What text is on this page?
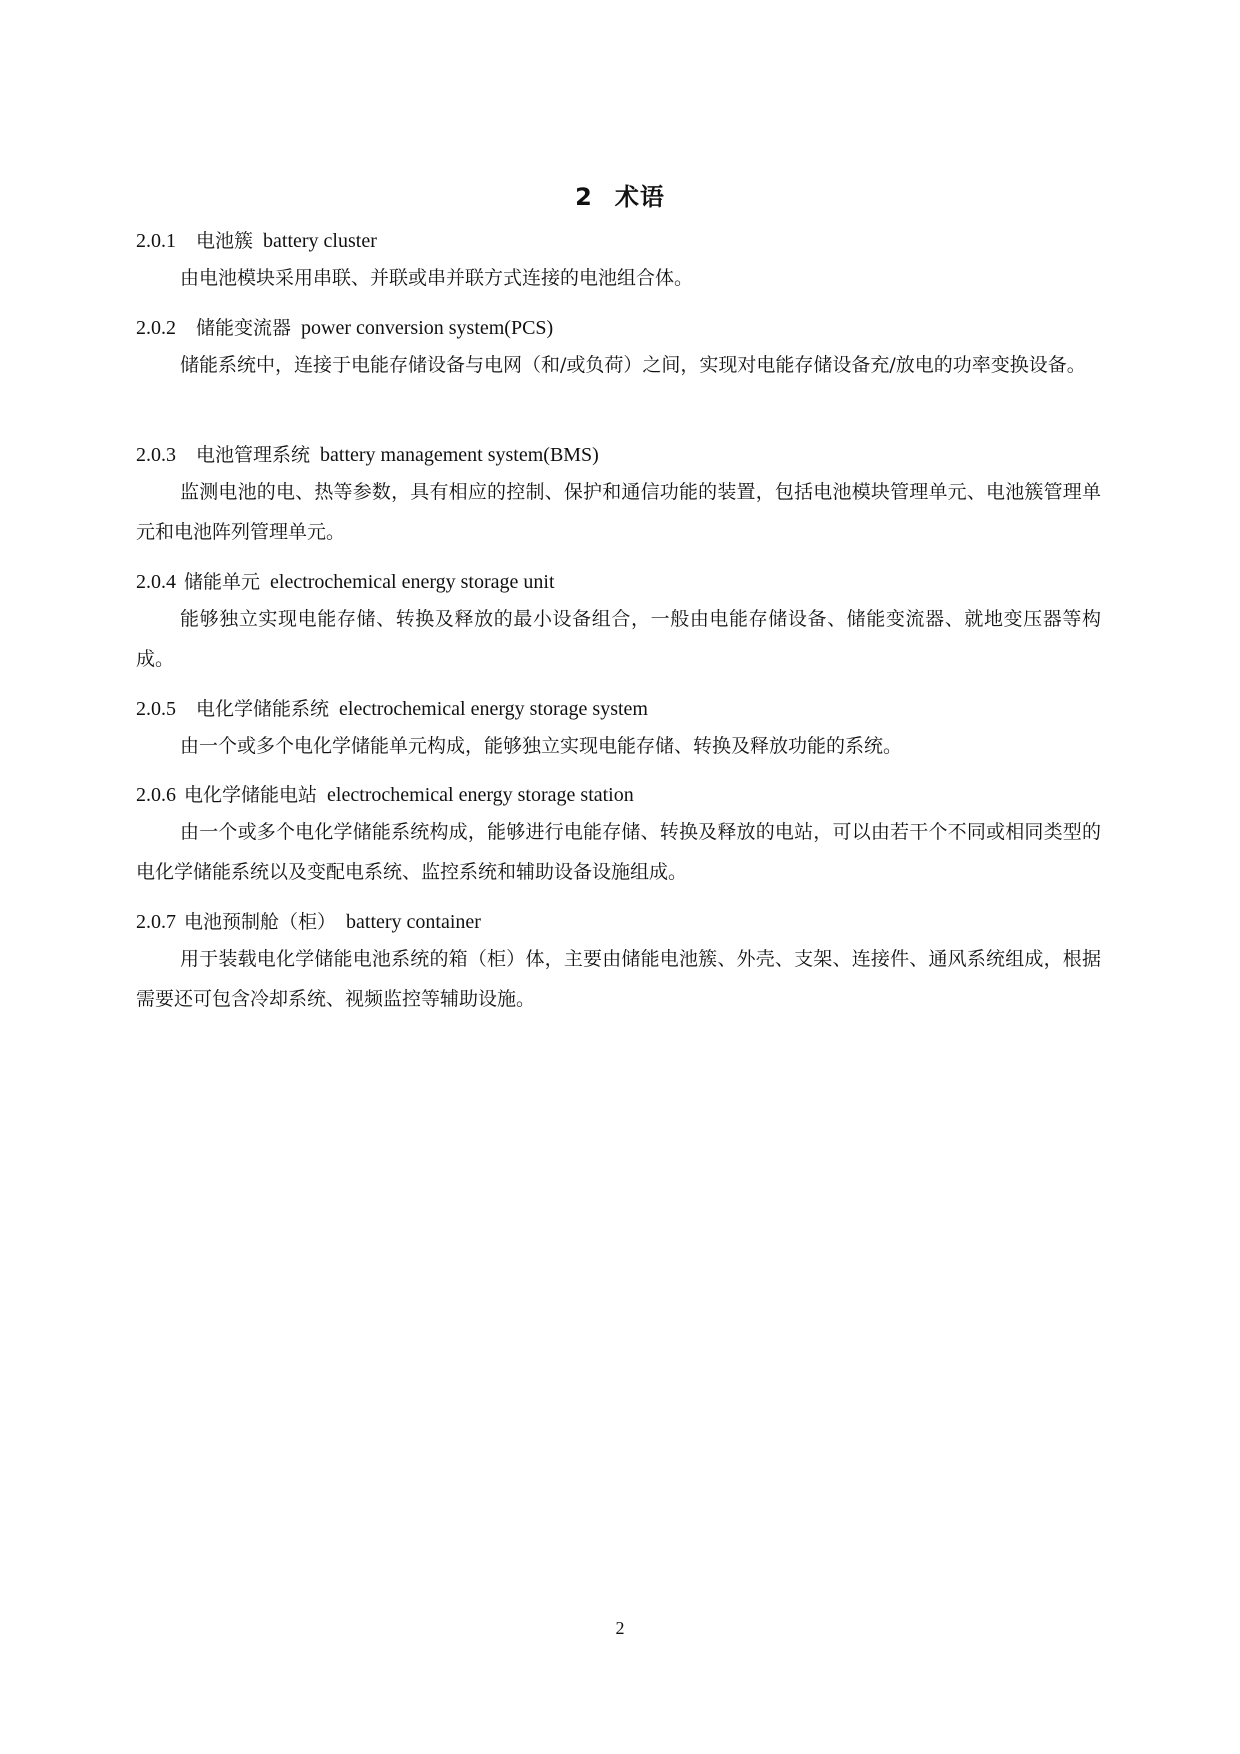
2 术语
2.0.1 电池簇 battery cluster
由电池模块采用串联、并联或串并联方式连接的电池组合体。
2.0.2 储能变流器 power conversion system(PCS)
储能系统中，连接于电能存储设备与电网（和/或负荷）之间，实现对电能存储设备充/放电的功率变换设备。
2.0.3 电池管理系统 battery management system(BMS)
监测电池的电、热等参数，具有相应的控制、保护和通信功能的装置，包括电池模块管理单元、电池簇管理单元和电池阵列管理单元。
2.0.4 储能单元 electrochemical energy storage unit
能够独立实现电能存储、转换及释放的最小设备组合，一般由电能存储设备、储能变流器、就地变压器等构成。
2.0.5 电化学储能系统 electrochemical energy storage system
由一个或多个电化学储能单元构成，能够独立实现电能存储、转换及释放功能的系统。
2.0.6 电化学储能电站 electrochemical energy storage station
由一个或多个电化学储能系统构成，能够进行电能存储、转换及释放的电站，可以由若干个不同或相同类型的电化学储能系统以及变配电系统、监控系统和辅助设备设施组成。
2.0.7 电池预制舱（柜） battery container
用于装载电化学储能电池系统的箱（柜）体，主要由储能电池簇、外壳、支架、连接件、通风系统组成，根据需要还可包含冷却系统、视频监控等辅助设施。
2
